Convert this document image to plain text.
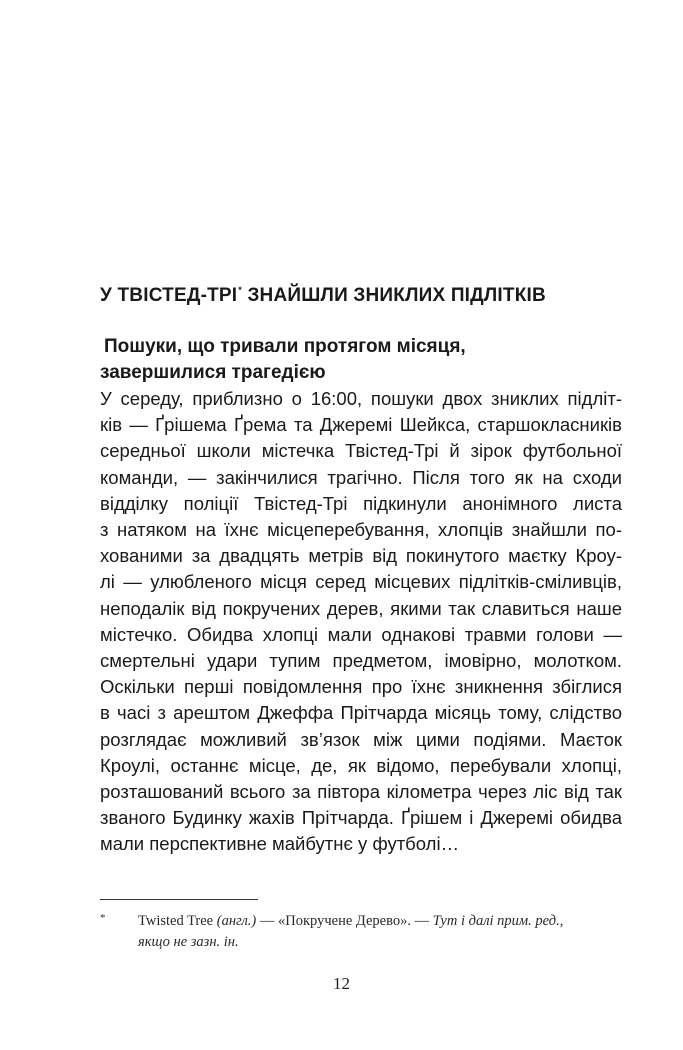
У ТВІСТЕД-ТРІ* ЗНАЙШЛИ ЗНИКЛИХ ПІДЛІТКІВ
Пошуки, що тривали протягом місяця,
завершилися трагедією
У середу, приблизно о 16:00, пошуки двох зниклих підліт-
ків — Ґрішема Ґрема та Джеремі Шейкса, старшокласників
середньої школи містечка Твістед-Трі й зірок футбольної
команди, — закінчилися трагічно. Після того як на сходи
відділку поліції Твістед-Трі підкинули анонімного листа
з натяком на їхнє місцеперебування, хлопців знайшли по-
хованими за двадцять метрів від покинутого маєтку Кроу-
лі — улюбленого місця серед місцевих підлітків-сміливців,
неподалік від покручених дерев, якими так славиться наше
містечко. Обидва хлопці мали однакові травми голови —
смертельні удари тупим предметом, імовірно, молотком.
Оскільки перші повідомлення про їхнє зникнення збіглися
в часі з арештом Джеффа Прітчарда місяць тому, слідство
розглядає можливий зв’язок між цими подіями. Маєток
Кроулі, останнє місце, де, як відомо, перебували хлопці,
розташований всього за півтора кілометра через ліс від так
званого Будинку жахів Прітчарда. Ґрішем і Джеремі обидва
мали перспективне майбутнє у футболі…
*	Twisted Tree (англ.) — «Покручене Дерево». — Тут і далі прим. ред.,
якщо не зазн. ін.
12
